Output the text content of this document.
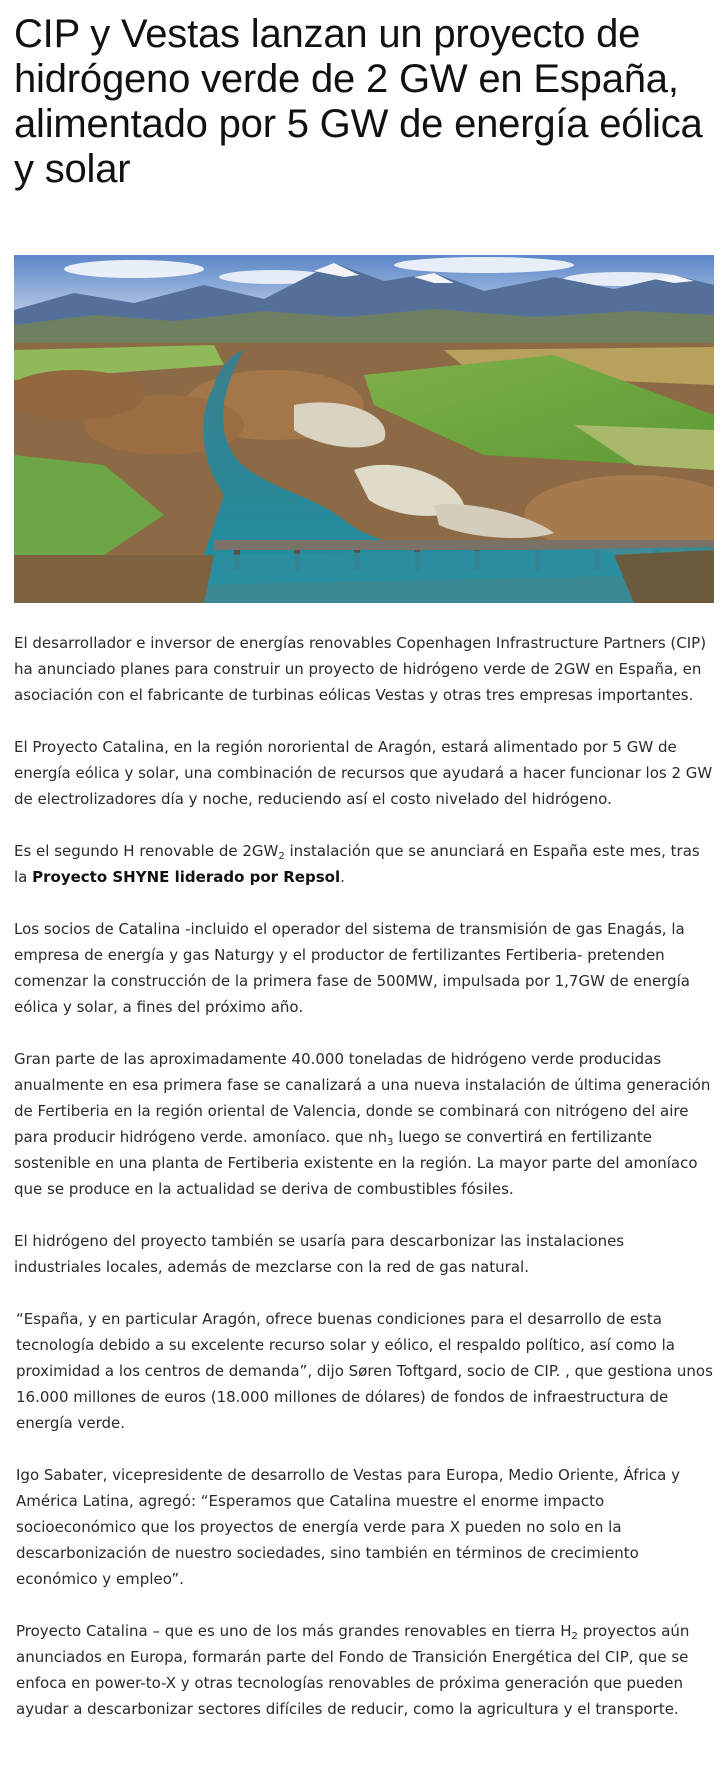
CIP y Vestas lanzan un proyecto de hidrógeno verde de 2 GW en España, alimentado por 5 GW de energía eólica y solar

El desarrollador e inversor de energías renovables Copenhagen Infrastructure Partners (CIP) ha anunciado planes para construir un proyecto de hidrógeno verde de 2GW en España, en asociación con el fabricante de turbinas eólicas Vestas y otras tres empresas importantes.

El Proyecto Catalina, en la región nororiental de Aragón, estará alimentado por 5 GW de energía eólica y solar, una combinación de recursos que ayudará a hacer funcionar los 2 GW de electrolizadores día y noche, reduciendo así el costo nivelado del hidrógeno.

Es el segundo H renovable de $2GW_2$ instalación que se anunciará en España este mes, tras la Proyecto SHYNE liderado por Repsol.

Los socios de Catalina -incluido el operador del sistema de transmisión de gas Enagás, la empresa de energía y gas Naturgy y el productor de fertilizantes Fertiberia- pretenden comenzar la construcción de la primera fase de 500MW, impulsada por 1,7GW de energía eólica y solar, a fines del próximo año.

Gran parte de las aproximadamente 40.000 toneladas de hidrógeno verde producidas anualmente en esa primera fase se canalizará a una nueva instalación de última generación de Fertiberia en la región oriental de Valencia, donde se combinará con nitrógeno del aire para producir hidrógeno verde. amoníaco. que $nh_3$ luego se convertirá en fertilizante sostenible en una planta de Fertiberia existente en la región. La mayor parte del amoníaco que se produce en la actualidad se deriva de combustibles fósiles.

El hidrógeno del proyecto también se usaría para descarbonizar las instalaciones industriales locales, además de mezclarse con la red de gas natural.

“España, y en particular Aragón, ofrece buenas condiciones para el desarrollo de esta tecnología debido a su excelente recurso solar y eólico, el respaldo político, así como la proximidad a los centros de demanda”, dijo Søren Toftgard, socio de CIP. , que gestiona unos 16.000 millones de euros (18.000 millones de dólares) de fondos de infraestructura de energía verde.

Igo Sabater, vicepresidente de desarrollo de Vestas para Europa, Medio Oriente, África y América Latina, agregó: “Esperamos que Catalina muestre el enorme impacto socioeconómico que los proyectos de energía verde para X pueden no solo en la descarbonización de nuestro sociedades, sino también en términos de crecimiento económico y empleo”.

Proyecto Catalina – que es uno de los más grandes renovables en tierra $H_2$ proyectos aún anunciados en Europa, formarán parte del Fondo de Transición Energética del CIP, que se enfoca en power-to-X y otras tecnologías renovables de próxima generación que pueden ayudar a descarbonizar sectores difíciles de reducir, como la agricultura y el transporte.
